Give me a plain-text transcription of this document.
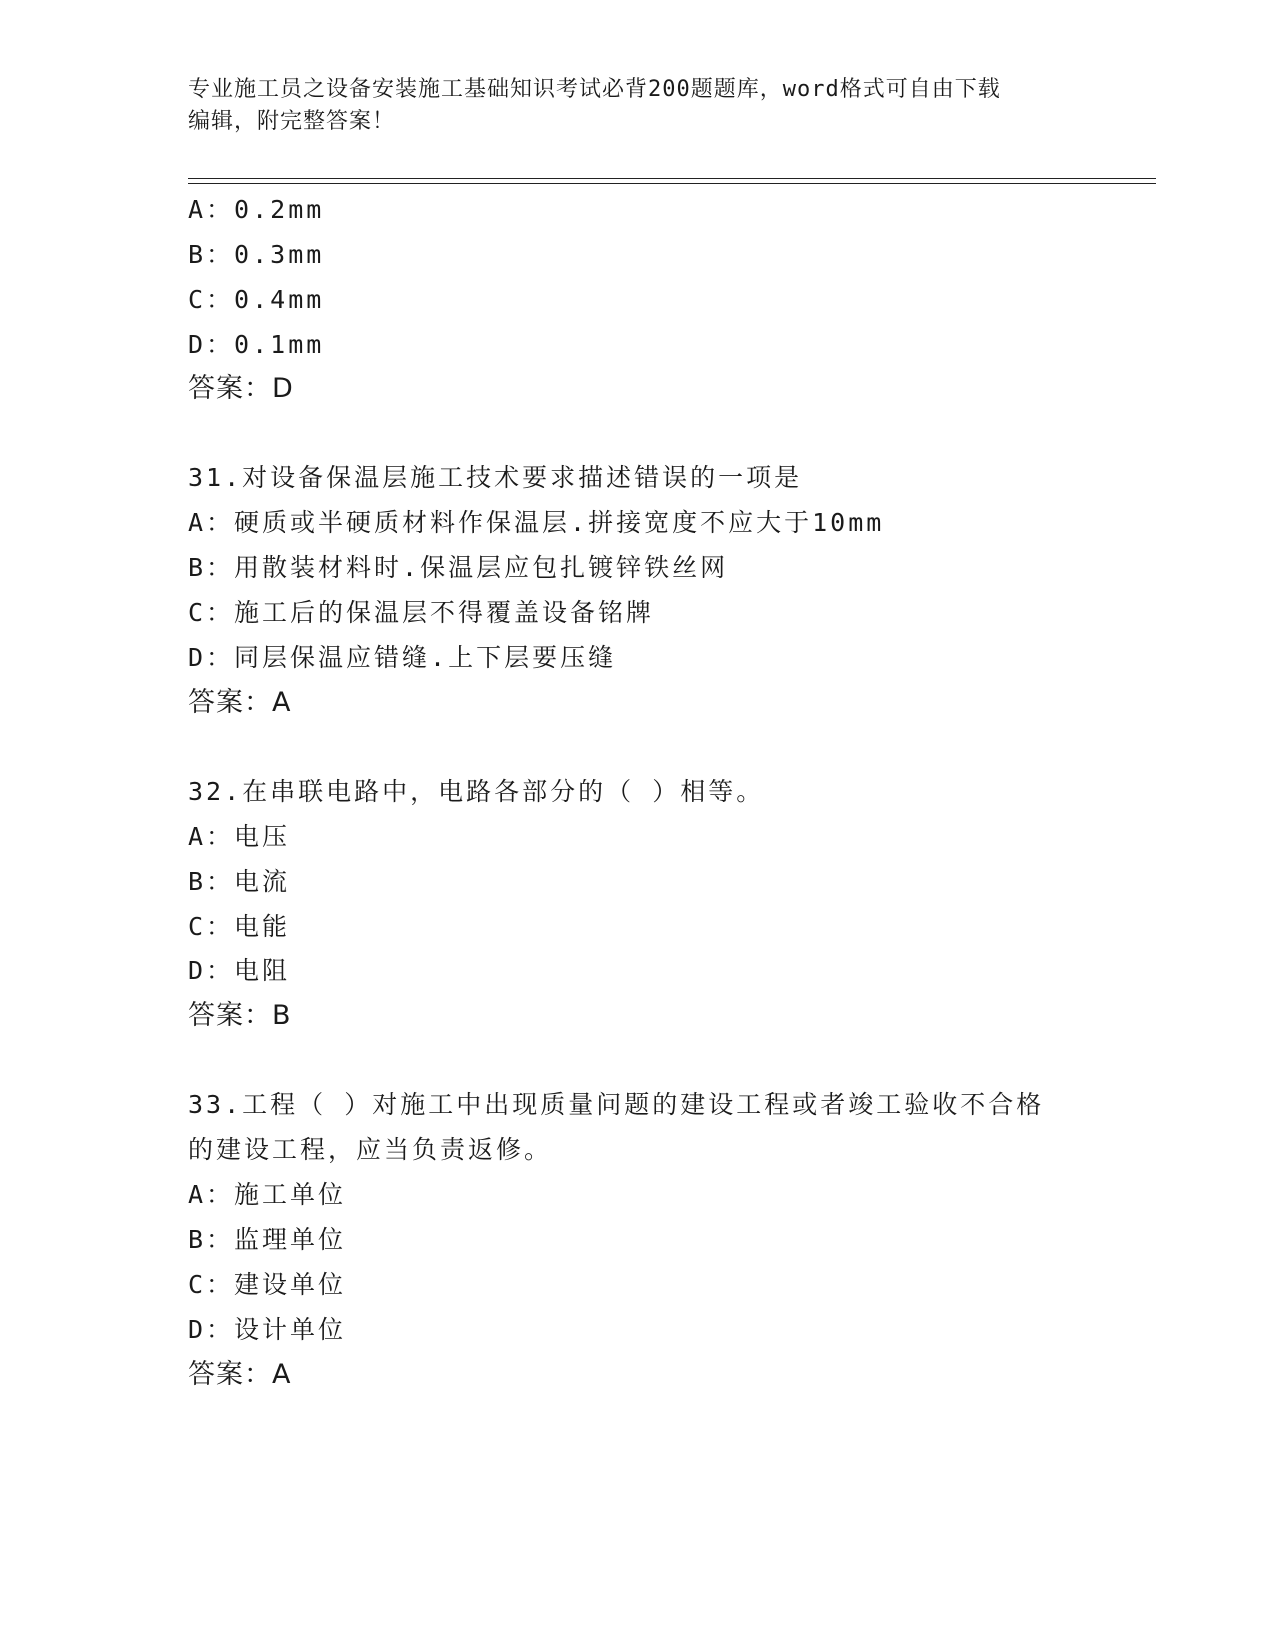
专业施工员之设备安装施工基础知识考试必背200题题库，word格式可自由下载
编辑，附完整答案！
A：0.2mm
B：0.3mm
C：0.4mm
D：0.1mm
答案：D
31.对设备保温层施工技术要求描述错误的一项是
A：硬质或半硬质材料作保温层.拼接宽度不应大于10mm
B：用散装材料时.保温层应包扎镀锌铁丝网
C：施工后的保温层不得覆盖设备铭牌
D：同层保温应错缝.上下层要压缝
答案：A
32.在串联电路中，电路各部分的（ ）相等。
A：电压
B：电流
C：电能
D：电阻
答案：B
33.工程（ ）对施工中出现质量问题的建设工程或者竣工验收不合格
的建设工程，应当负责返修。
A：施工单位
B：监理单位
C：建设单位
D：设计单位
答案：A
